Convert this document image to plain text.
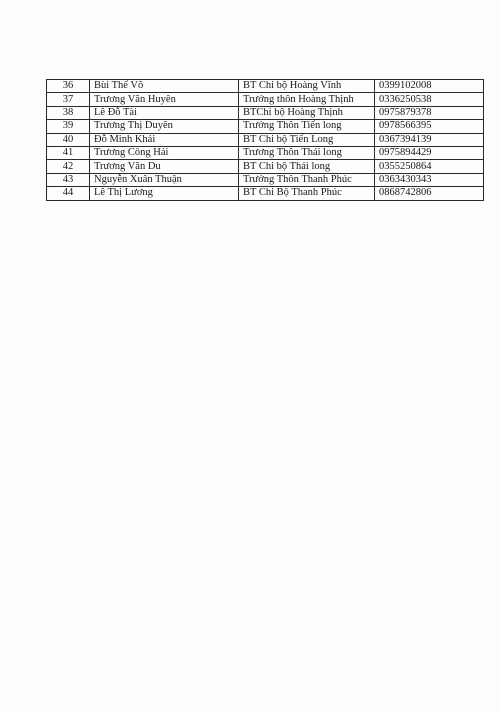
36	Bùi Thế Võ	BT Chi bộ Hoàng Vĩnh	0399102008
37	Trương Văn Huyên	Trưởng thôn Hoàng Thịnh	0336250538
38	Lê Đỗ Tài	BTChi bộ Hoàng Thịnh	0975879378
39	Trương Thị Duyên	Trưởng Thôn Tiến long	0978566395
40	Đỗ Minh Khải	BT Chi bộ Tiến Long	0367394139
41	Trương Công Hải	Trương Thôn Thái long	0975894429
42	Trương Văn Du	BT Chi bộ Thái long	0355250864
43	Nguyễn Xuân Thuận	Trưởng Thôn Thanh Phúc	0363430343
44	Lê Thị Lương	BT Chi Bộ Thanh Phúc	0868742806
